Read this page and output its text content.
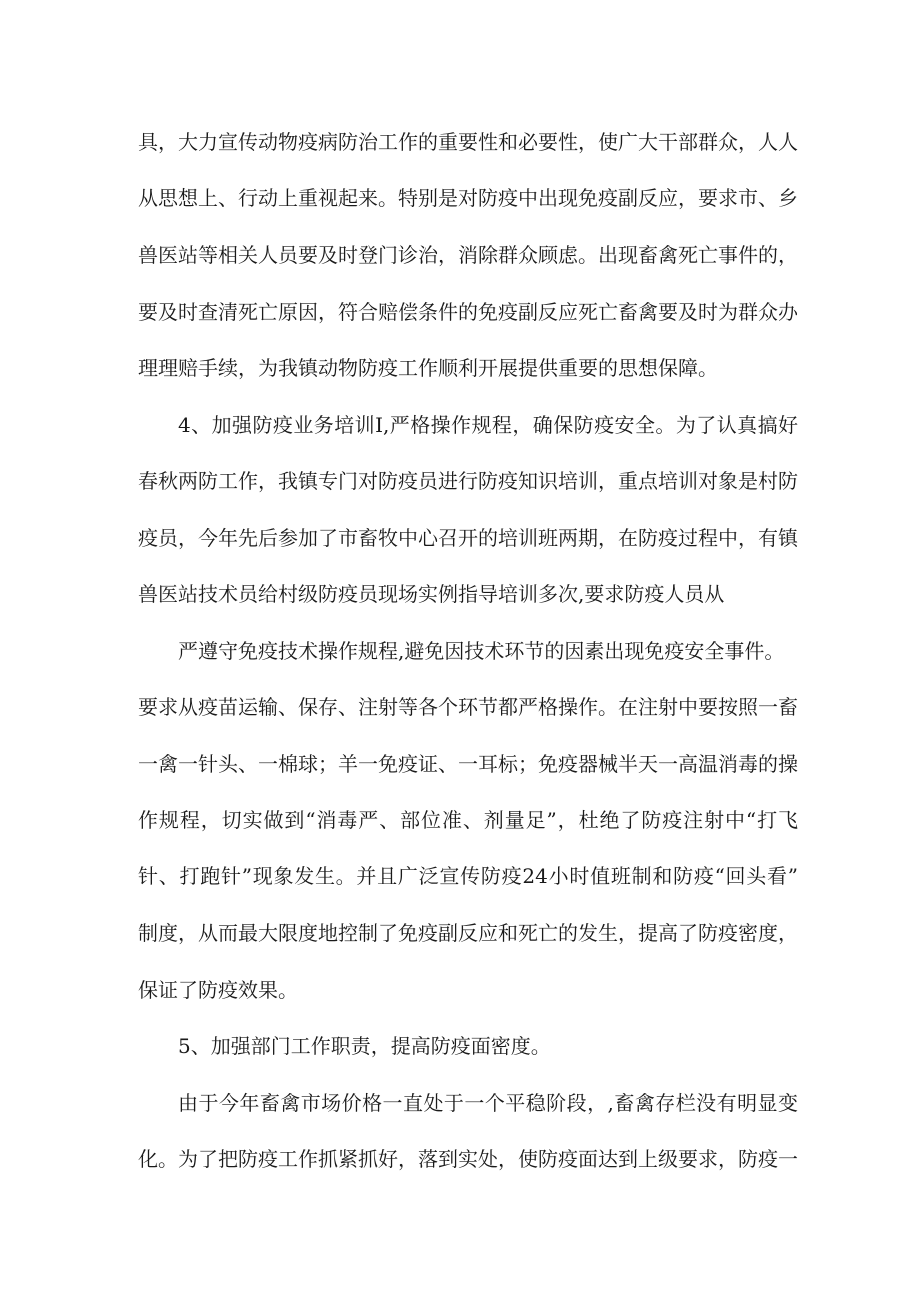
具，大力宣传动物疫病防治工作的重要性和必要性，使广大干部群众，人人
从思想上、行动上重视起来。特别是对防疫中出现免疫副反应，要求市、乡
兽医站等相关人员要及时登门诊治，消除群众顾虑。出现畜禽死亡事件的，
要及时查清死亡原因，符合赔偿条件的免疫副反应死亡畜禽要及时为群众办
理理赔手续，为我镇动物防疫工作顺利开展提供重要的思想保障。
4、加强防疫业务培训I,严格操作规程，确保防疫安全。为了认真搞好
春秋两防工作，我镇专门对防疫员进行防疫知识培训，重点培训对象是村防
疫员，今年先后参加了市畜牧中心召开的培训班两期，在防疫过程中，有镇
兽医站技术员给村级防疫员现场实例指导培训多次,要求防疫人员从
严遵守免疫技术操作规程,避免因技术环节的因素出现免疫安全事件。
要求从疫苗运输、保存、注射等各个环节都严格操作。在注射中要按照一畜
一禽一针头、一棉球；羊一免疫证、一耳标；免疫器械半天一高温消毒的操
作规程，切实做到“消毒严、部位准、剂量足”，杜绝了防疫注射中“打飞
针、打跑针”现象发生。并且广泛宣传防疫24小时值班制和防疫“回头看”
制度，从而最大限度地控制了免疫副反应和死亡的发生，提高了防疫密度，
保证了防疫效果。
5、加强部门工作职责，提高防疫面密度。
由于今年畜禽市场价格一直处于一个平稳阶段，,畜禽存栏没有明显变
化。为了把防疫工作抓紧抓好，落到实处，使防疫面达到上级要求，防疫一
